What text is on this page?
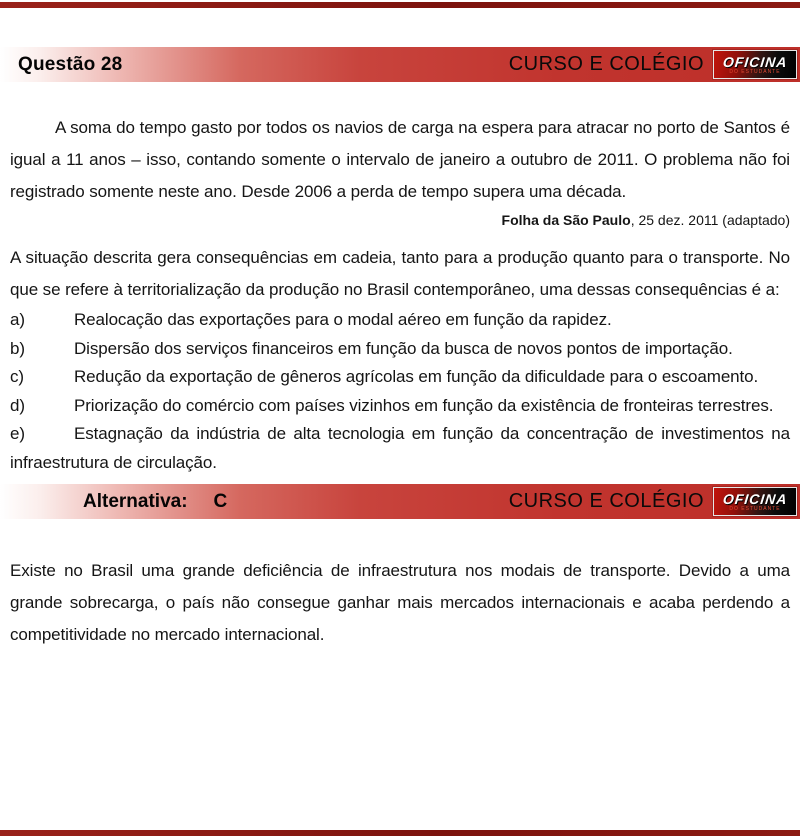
Questão 28	CURSO E COLÉGIO OFICINA
DO ESTUDANTE

A soma do tempo gasto por todos os navios de carga na espera para atracar no porto de Santos é igual a 11 anos – isso, contando somente o intervalo de janeiro a outubro de 2011. O problema não foi registrado somente neste ano. Desde 2006 a perda de tempo supera uma década.

Folha da São Paulo, 25 dez. 2011 (adaptado)

A situação descrita gera consequências em cadeia, tanto para a produção quanto para o transporte. No que se refere à territorialização da produção no Brasil contemporâneo, uma dessas consequências é a:

a)	Realocação das exportações para o modal aéreo em função da rapidez.
b)	Dispersão dos serviços financeiros em função da busca de novos pontos de importação.
c)	Redução da exportação de gêneros agrícolas em função da dificuldade para o escoamento.
d)	Priorização do comércio com países vizinhos em função da existência de fronteiras terrestres.
e)	Estagnação da indústria de alta tecnologia em função da concentração de investimentos na infraestrutura de circulação.
Alternativa: C	CURSO E COLÉGIO OFICINA
DO ESTUDANTE

Existe no Brasil uma grande deficiência de infraestrutura nos modais de transporte. Devido a uma grande sobrecarga, o país não consegue ganhar mais mercados internacionais e acaba perdendo a competitividade no mercado internacional.
